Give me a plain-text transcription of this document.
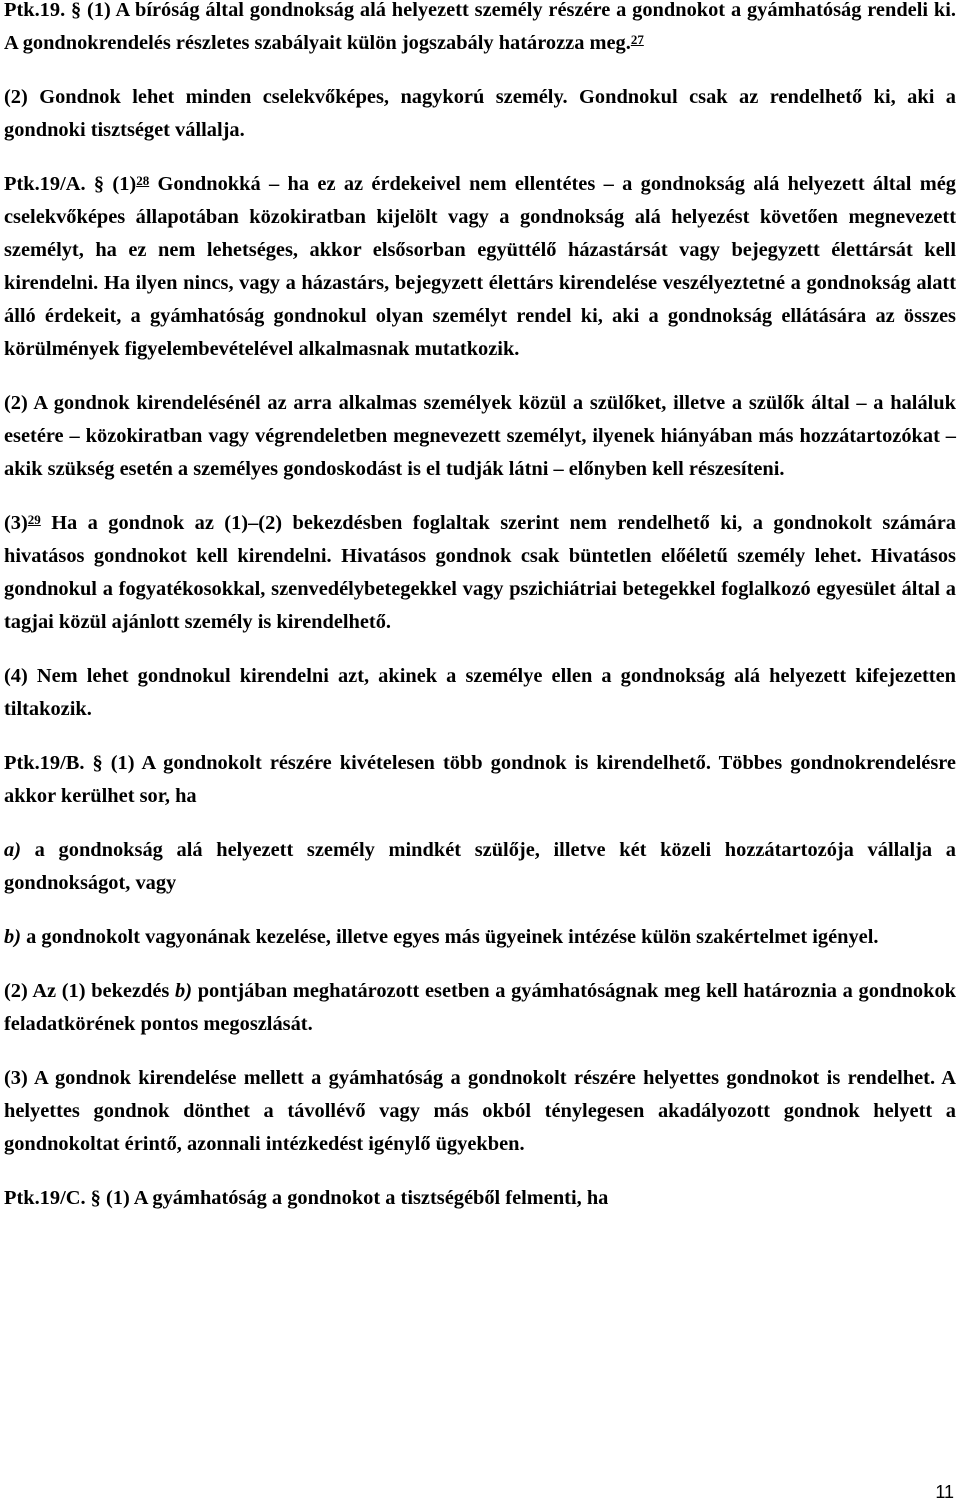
Ptk.19. § (1) A bíróság által gondnokság alá helyezett személy részére a gondnokot a gyámhatóság rendeli ki. A gondnokrendelés részletes szabályait külön jogszabály határozza meg.$^{27}$

(2) Gondnok lehet minden cselekvőképes, nagykorú személy. Gondnokul csak az rendelhető ki, aki a gondnoki tisztséget vállalja.

Ptk.19/A. § (1)$^{28}$ Gondnokká – ha ez az érdekeivel nem ellentétes – a gondnokság alá helyezett által még cselekvőképes állapotában közokiratban kijelölt vagy a gondnokság alá helyezést követően megnevezett személyt, ha ez nem lehetséges, akkor elsősorban együttélő házastársát vagy bejegyzett élettársát kell kirendelni. Ha ilyen nincs, vagy a házastárs, bejegyzett élettárs kirendelése veszélyeztetné a gondnokság alatt álló érdekeit, a gyámhatóság gondnokul olyan személyt rendel ki, aki a gondnokság ellátására az összes körülmények figyelembevételével alkalmasnak mutatkozik.

(2) A gondnok kirendelésénél az arra alkalmas személyek közül a szülőket, illetve a szülők által – a haláluk esetére – közokiratban vagy végrendeletben megnevezett személyt, ilyenek hiányában más hozzátartozókat – akik szükség esetén a személyes gondoskodást is el tudják látni – előnyben kell részesíteni.

(3)$^{29}$ Ha a gondnok az (1)–(2) bekezdésben foglaltak szerint nem rendelhető ki, a gondnokolt számára hivatásos gondnokot kell kirendelni. Hivatásos gondnok csak büntetlen előéletű személy lehet. Hivatásos gondnokul a fogyatékosokkal, szenvedélybetegekkel vagy pszichiátriai betegekkel foglalkozó egyesület által a tagjai közül ajánlott személy is kirendelhető.

(4) Nem lehet gondnokul kirendelni azt, akinek a személye ellen a gondnokság alá helyezett kifejezetten tiltakozik.

Ptk.19/B. § (1) A gondnokolt részére kivételesen több gondnok is kirendelhető. Többes gondnokrendelésre akkor kerülhet sor, ha

a) a gondnokság alá helyezett személy mindkét szülője, illetve két közeli hozzátartozója vállalja a gondnokságot, vagy

b) a gondnokolt vagyonának kezelése, illetve egyes más ügyeinek intézése külön szakértelmet igényel.

(2) Az (1) bekezdés b) pontjában meghatározott esetben a gyámhatóságnak meg kell határoznia a gondnokok feladatkörének pontos megoszlását.

(3) A gondnok kirendelése mellett a gyámhatóság a gondnokolt részére helyettes gondnokot is rendelhet. A helyettes gondnok dönthet a távollévő vagy más okból ténylegesen akadályozott gondnok helyett a gondnokoltat érintő, azonnali intézkedést igénylő ügyekben.

Ptk.19/C. § (1) A gyámhatóság a gondnokot a tisztségéből felmenti, ha

11
